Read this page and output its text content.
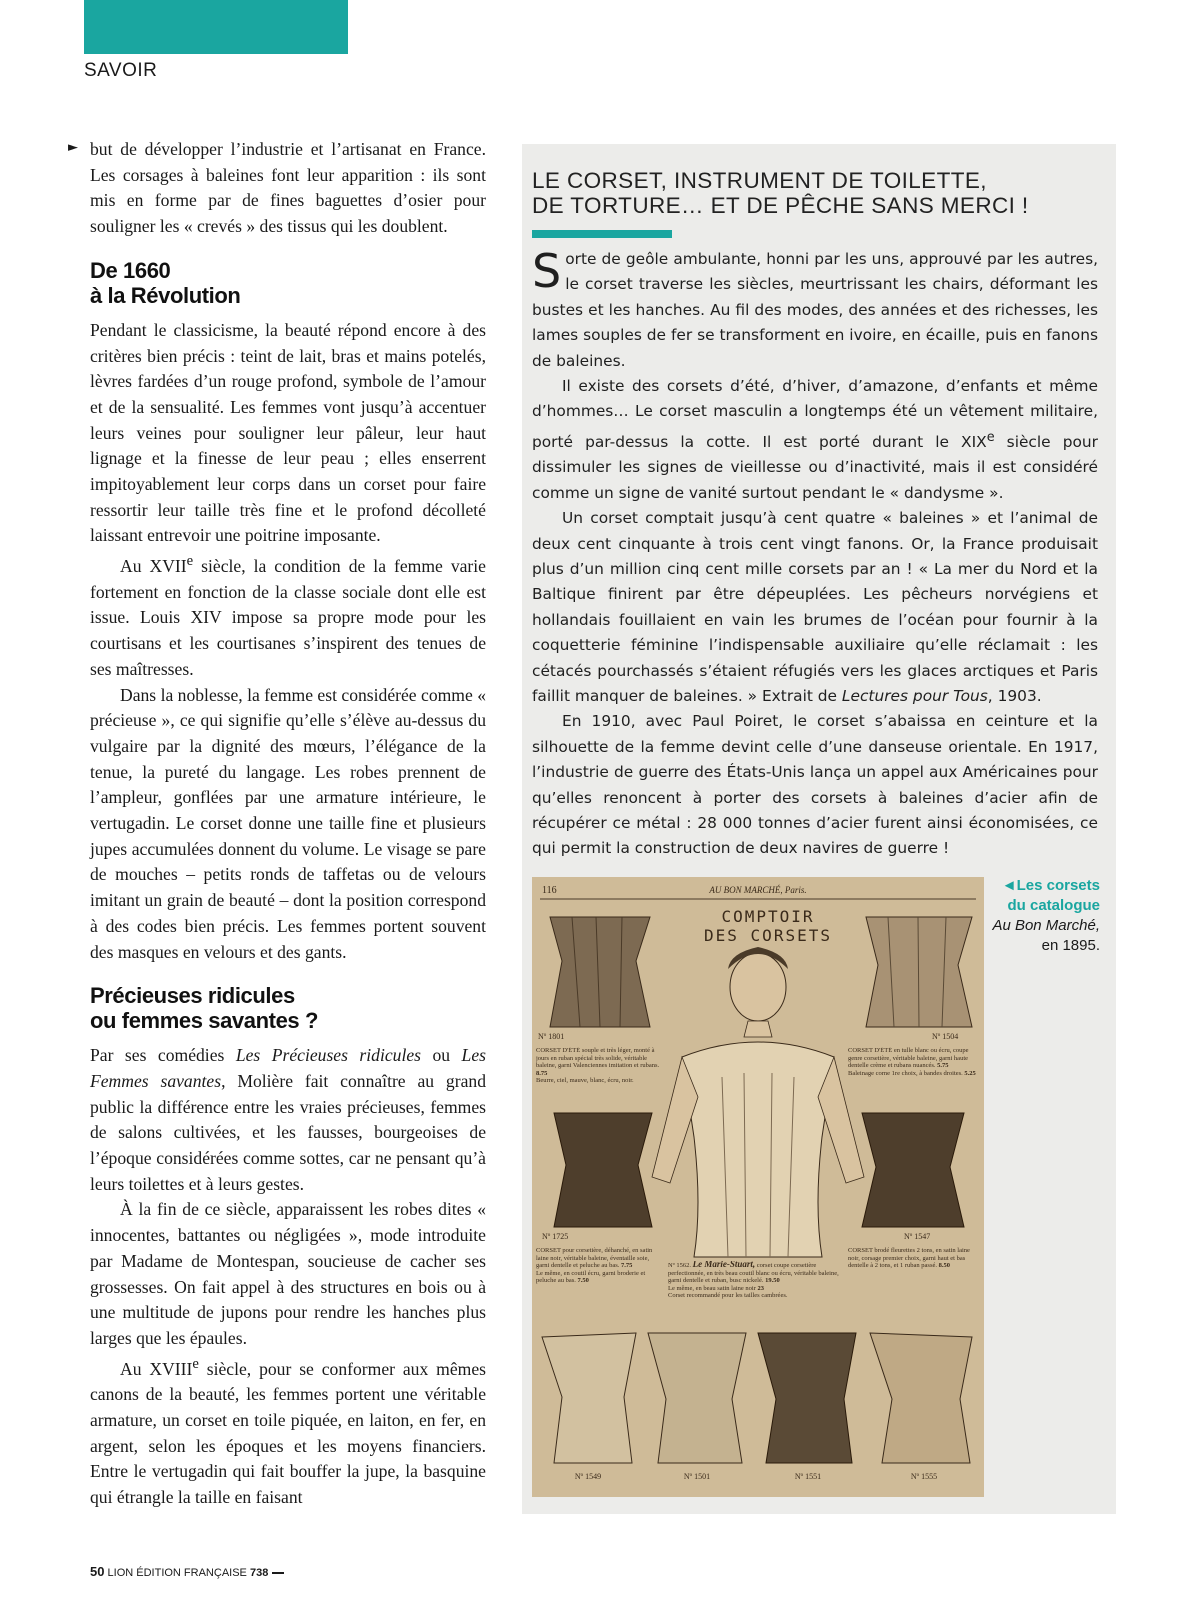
SAVOIR
► but de développer l’industrie et l’artisanat en France. Les corsages à baleines font leur apparition : ils sont mis en forme par de fines baguettes d’osier pour souligner les « crevés » des tissus qui les doublent.

De 1660
à la Révolution

Pendant le classicisme, la beauté répond encore à des critères bien précis : teint de lait, bras et mains potelés, lèvres fardées d’un rouge profond, symbole de l’amour et de la sensualité. Les femmes vont jusqu’à accentuer leurs veines pour souligner leur pâleur, leur haut lignage et la finesse de leur peau ; elles enserrent impitoyablement leur corps dans un corset pour faire ressortir leur taille très fine et le profond décolleté laissant entrevoir une poitrine imposante.

Au XVIIe siècle, la condition de la femme varie fortement en fonction de la classe sociale dont elle est issue. Louis XIV impose sa propre mode pour les courtisans et les courtisanes s’inspirent des tenues de ses maîtresses.

Dans la noblesse, la femme est considérée comme « précieuse », ce qui signifie qu’elle s’élève au-dessus du vulgaire par la dignité des mœurs, l’élégance de la tenue, la pureté du langage. Les robes prennent de l’ampleur, gonflées par une armature intérieure, le vertugadin. Le corset donne une taille fine et plusieurs jupes accumulées donnent du volume. Le visage se pare de mouches – petits ronds de taffetas ou de velours imitant un grain de beauté – dont la position correspond à des codes bien précis. Les femmes portent souvent des masques en velours et des gants.

Précieuses ridicules
ou femmes savantes ?

Par ses comédies Les Précieuses ridicules ou Les Femmes savantes, Molière fait connaître au grand public la différence entre les vraies précieuses, femmes de salons cultivées, et les fausses, bourgeoises de l’époque considérées comme sottes, car ne pensant qu’à leurs toilettes et à leurs gestes.

À la fin de ce siècle, apparaissent les robes dites « innocentes, battantes ou négligées », mode introduite par Madame de Montespan, soucieuse de cacher ses grossesses. On fait appel à des structures en bois ou à une multitude de jupons pour rendre les hanches plus larges que les épaules.

Au XVIIIe siècle, pour se conformer aux mêmes canons de la beauté, les femmes portent une véritable armature, un corset en toile piquée, en laiton, en fer, en argent, selon les époques et les moyens financiers. Entre le vertugadin qui fait bouffer la jupe, la basquine qui étrangle la taille en faisant

LE CORSET, INSTRUMENT DE TOILETTE,
DE TORTURE… ET DE PÊCHE SANS MERCI !

Sorte de geôle ambulante, honni par les uns, approuvé par les autres, le corset traverse les siècles, meurtrissant les chairs, déformant les bustes et les hanches. Au fil des modes, des années et des richesses, les lames souples de fer se transforment en ivoire, en écaille, puis en fanons de baleines.

Il existe des corsets d’été, d’hiver, d’amazone, d’enfants et même d’hommes… Le corset masculin a longtemps été un vêtement militaire, porté par-dessus la cotte. Il est porté durant le XIXe siècle pour dissimuler les signes de vieillesse ou d’inactivité, mais il est considéré comme un signe de vanité surtout pendant le « dandysme ».

Un corset comptait jusqu’à cent quatre « baleines » et l’animal de deux cent cinquante à trois cent vingt fanons. Or, la France produisait plus d’un million cinq cent mille corsets par an ! « La mer du Nord et la Baltique finirent par être dépeuplées. Les pêcheurs norvégiens et hollandais fouillaient en vain les brumes de l’océan pour fournir à la coquetterie féminine l’indispensable auxiliaire qu’elle réclamait : les cétacés pourchassés s’étaient réfugiés vers les glaces arctiques et Paris faillit manquer de baleines. » Extrait de Lectures pour Tous, 1903.

En 1910, avec Paul Poiret, le corset s’abaissa en ceinture et la silhouette de la femme devint celle d’une danseuse orientale. En 1917, l’industrie de guerre des États-Unis lança un appel aux Américaines pour qu’elles renoncent à porter des corsets à baleines d’acier afin de récupérer ce métal : 28 000 tonnes d’acier furent ainsi économisées, ce qui permit la construction de deux navires de guerre !

116	AU BON MARCHÉ, Paris.
COMPTOIR
DES CORSETS
Nº 1801
CORSET D'ÉTÉ souple et très léger, monté à jours en ruban spécial très solide, véritable baleine, garni Valenciennes imitation et rubans. 8.75
Beurre, ciel, mauve, blanc, écru, noir.
Nº 1504
CORSET D'ÉTÉ en tulle blanc ou écru, coupe genre corsetière, véritable baleine, garni haute dentelle crème et rubans nuancés. 5.75
Baleinage corne 1re choix, à bandes droites. 5.25
Nº 1725
CORSET pour corsetière, déhanché, en satin laine noir, véritable baleine, éventaille soie, garni dentelle et peluche au bas. 7.75
Le même, en coutil écru, garni broderie et peluche au bas. 7.50
Nº 1547
CORSET brodé fleurettes 2 tons, en satin laine noir, corsage premier choix, garni haut et bas dentelle à 2 tons, et 1 ruban passé. 8.50
Nº 1562. Le Marie-Stuart, corset coupe corsetière perfectionnée, en très beau coutil blanc ou écru, véritable baleine, garni dentelle et ruban, busc nickelé. 19.50
Le même, en beau satin laine noir 23
Corset recommandé pour les tailles cambrées.
Nº 1549	Nº 1501	Nº 1551	Nº 1555
◄Les corsets
du catalogue
Au Bon Marché,
en 1895.
50 LION ÉDITION FRANÇAISE 738
